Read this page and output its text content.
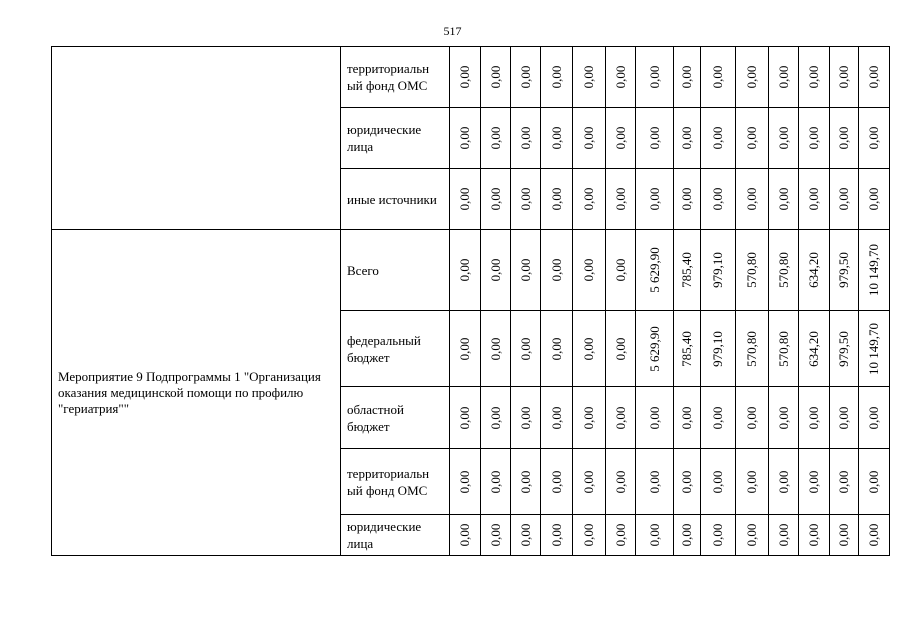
517
	территориальн ый фонд ОМС	0,00	0,00	0,00	0,00	0,00	0,00	0,00	0,00	0,00	0,00	0,00	0,00	0,00	0,00

	юридические лица	0,00	0,00	0,00	0,00	0,00	0,00	0,00	0,00	0,00	0,00	0,00	0,00	0,00	0,00

	иные источники	0,00	0,00	0,00	0,00	0,00	0,00	0,00	0,00	0,00	0,00	0,00	0,00	0,00	0,00

Мероприятие 9 Подпрограммы 1 "Организация оказания медицинской помощи по профилю "гериатрия""	Всего	0,00	0,00	0,00	0,00	0,00	0,00	5 629,90	785,40	979,10	570,80	570,80	634,20	979,50	10 149,70

	федеральный бюджет	0,00	0,00	0,00	0,00	0,00	0,00	5 629,90	785,40	979,10	570,80	570,80	634,20	979,50	10 149,70

	областной бюджет	0,00	0,00	0,00	0,00	0,00	0,00	0,00	0,00	0,00	0,00	0,00	0,00	0,00	0,00

	территориальн ый фонд ОМС	0,00	0,00	0,00	0,00	0,00	0,00	0,00	0,00	0,00	0,00	0,00	0,00	0,00	0,00

	юридические лица	0,00	0,00	0,00	0,00	0,00	0,00	0,00	0,00	0,00	0,00	0,00	0,00	0,00	0,00
